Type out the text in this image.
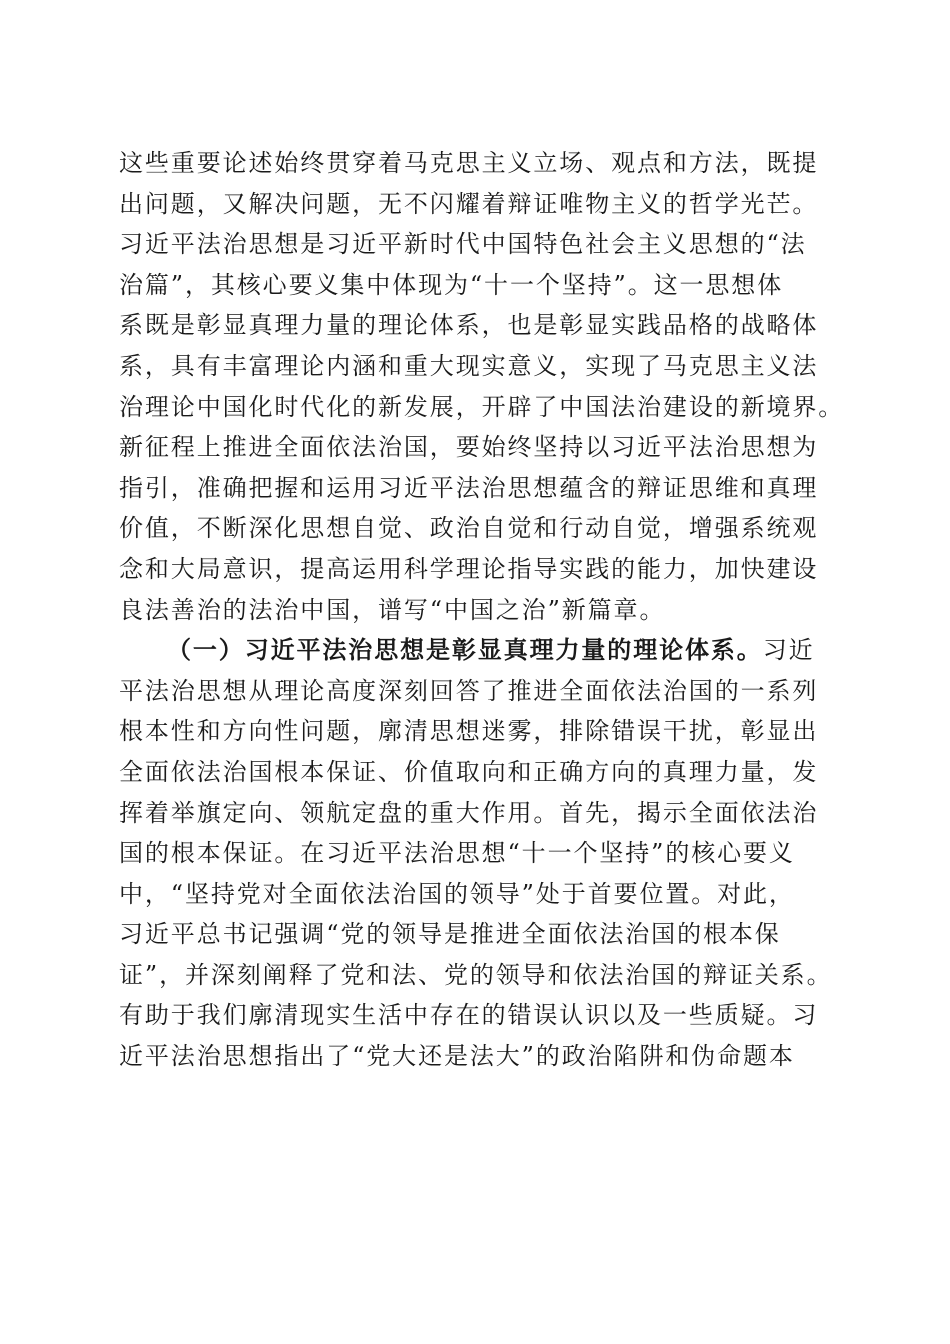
这些重要论述始终贯穿着马克思主义立场、观点和方法，既提
出问题，又解决问题，无不闪耀着辩证唯物主义的哲学光芒。
习近平法治思想是习近平新时代中国特色社会主义思想的“法
治篇”，其核心要义集中体现为“十一个坚持”。这一思想体
系既是彰显真理力量的理论体系，也是彰显实践品格的战略体
系，具有丰富理论内涵和重大现实意义，实现了马克思主义法
治理论中国化时代化的新发展，开辟了中国法治建设的新境界。
新征程上推进全面依法治国，要始终坚持以习近平法治思想为
指引，准确把握和运用习近平法治思想蕴含的辩证思维和真理
价值，不断深化思想自觉、政治自觉和行动自觉，增强系统观
念和大局意识，提高运用科学理论指导实践的能力，加快建设
良法善治的法治中国，谱写“中国之治”新篇章。
（一）习近平法治思想是彰显真理力量的理论体系。习近
平法治思想从理论高度深刻回答了推进全面依法治国的一系列
根本性和方向性问题，廓清思想迷雾，排除错误干扰，彰显出
全面依法治国根本保证、价值取向和正确方向的真理力量，发
挥着举旗定向、领航定盘的重大作用。首先，揭示全面依法治
国的根本保证。在习近平法治思想“十一个坚持”的核心要义
中，“坚持党对全面依法治国的领导”处于首要位置。对此，
习近平总书记强调“党的领导是推进全面依法治国的根本保
证”，并深刻阐释了党和法、党的领导和依法治国的辩证关系。
有助于我们廓清现实生活中存在的错误认识以及一些质疑。习
近平法治思想指出了“党大还是法大”的政治陷阱和伪命题本
